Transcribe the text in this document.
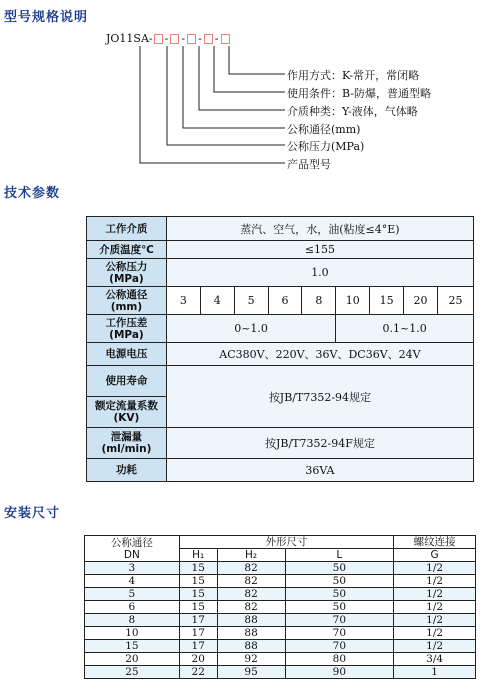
型号规格说明
技术参数
安装尺寸
JO11SA- - - - -
作用方式：K-常开，常闭略
使用条件：B-防爆，普通型略
介质种类：Y-液体，气体略
公称通径(mm)
公称压力(MPa)
产品型号
工作介质	蒸汽、空气，水，油(粘度≤4°E)								
介质温度℃	≤155								

公称压力
(MPa)	1.0								

公称通径
(mm)	3	4	5	6	8	10	15	20	25

工作压差
(MPa)	0~1.0					0.1~1.0			
电源电压	AC380V、220V、36V、DC36V、24V								
使用寿命	按JB/T7352-94规定								

额定流量系数
(KV)									

泄漏量
(ml/min)	按JB/T7352-94F规定								
功耗	36VA								
公称通径
DN	外形尺寸			螺纹连接
	H₁	H₂	L	G
3	15	82	50	1/2
4	15	82	50	1/2
5	15	82	50	1/2
6	15	82	50	1/2
8	17	88	70	1/2
10	17	88	70	1/2
15	17	88	70	1/2
20	20	92	80	3/4
25	22	95	90	1
